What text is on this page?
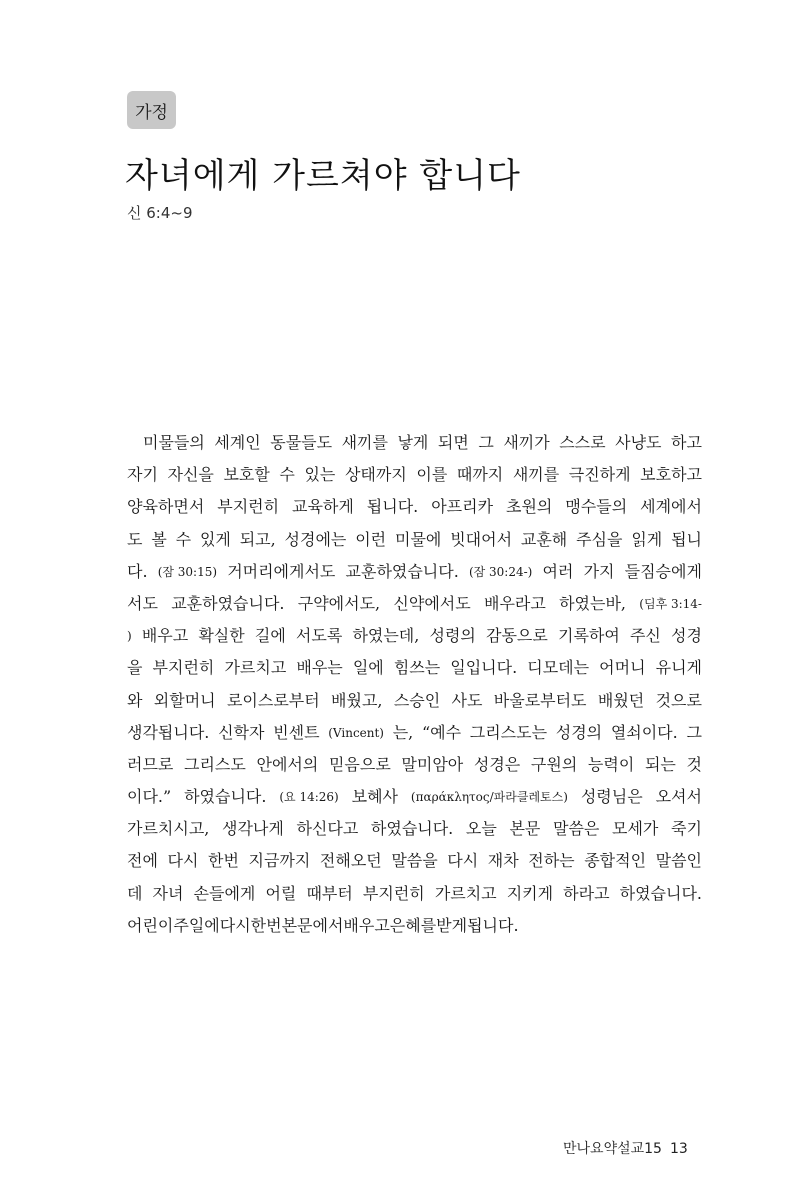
가정
자녀에게 가르쳐야 합니다
신 6:4~9
미물들의 세계인 동물들도 새끼를 낳게 되면 그 새끼가 스스로 사냥도 하고
자기 자신을 보호할 수 있는 상태까지 이를 때까지 새끼를 극진하게 보호하고
양육하면서 부지런히 교육하게 됩니다. 아프리카 초원의 맹수들의 세계에서
도 볼 수 있게 되고, 성경에는 이런 미물에 빗대어서 교훈해 주심을 읽게 됩니
다. (잠 30:15) 거머리에게서도 교훈하였습니다. (잠 30:24-) 여러 가지 들짐승에게
서도 교훈하였습니다. 구약에서도, 신약에서도 배우라고 하였는바, (딤후 3:14-
) 배우고 확실한 길에 서도록 하였는데, 성령의 감동으로 기록하여 주신 성경
을 부지런히 가르치고 배우는 일에 힘쓰는 일입니다. 디모데는 어머니 유니게
와 외할머니 로이스로부터 배웠고, 스승인 사도 바울로부터도 배웠던 것으로
생각됩니다. 신학자 빈센트 (Vincent) 는, “예수 그리스도는 성경의 열쇠이다. 그
러므로 그리스도 안에서의 믿음으로 말미암아 성경은 구원의 능력이 되는 것
이다.” 하였습니다. (요 14:26) 보혜사 (παράκλητος/파라클레토스) 성령님은 오셔서
가르치시고, 생각나게 하신다고 하였습니다. 오늘 본문 말씀은 모세가 죽기
전에 다시 한번 지금까지 전해오던 말씀을 다시 재차 전하는 종합적인 말씀인
데 자녀 손들에게 어릴 때부터 부지런히 가르치고 지키게 하라고 하였습니다.
어린이 주일에 다시 한번 본문에서 배우고 은혜를 받게 됩니다.
만나요약설교15 13
